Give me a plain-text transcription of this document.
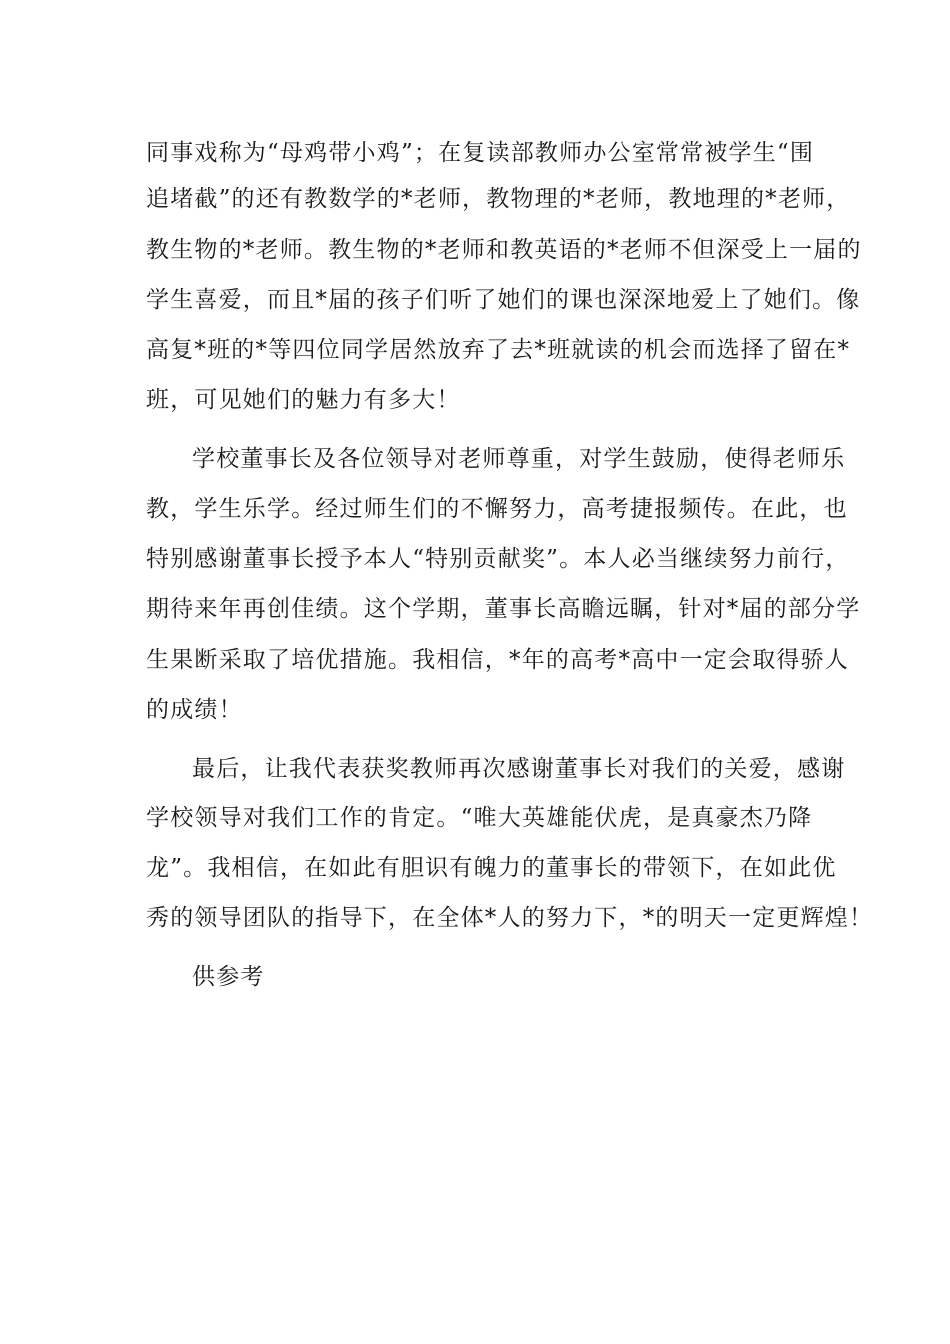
同事戏称为“母鸡带小鸡”；在复读部教师办公室常常被学生“围
追堵截”的还有教数学的*老师，教物理的*老师，教地理的*老师，
教生物的*老师。教生物的*老师和教英语的*老师不但深受上一届的
学生喜爱，而且*届的孩子们听了她们的课也深深地爱上了她们。像
高复*班的*等四位同学居然放弃了去*班就读的机会而选择了留在*
班，可见她们的魅力有多大！
学校董事长及各位领导对老师尊重，对学生鼓励，使得老师乐
教，学生乐学。经过师生们的不懈努力，高考捷报频传。在此，也
特别感谢董事长授予本人“特别贡献奖”。本人必当继续努力前行，
期待来年再创佳绩。这个学期，董事长高瞻远瞩，针对*届的部分学
生果断采取了培优措施。我相信，*年的高考*高中一定会取得骄人
的成绩！
最后，让我代表获奖教师再次感谢董事长对我们的关爱，感谢
学校领导对我们工作的肯定。“唯大英雄能伏虎，是真豪杰乃降
龙”。我相信，在如此有胆识有魄力的董事长的带领下，在如此优
秀的领导团队的指导下，在全体*人的努力下，*的明天一定更辉煌！
供参考
